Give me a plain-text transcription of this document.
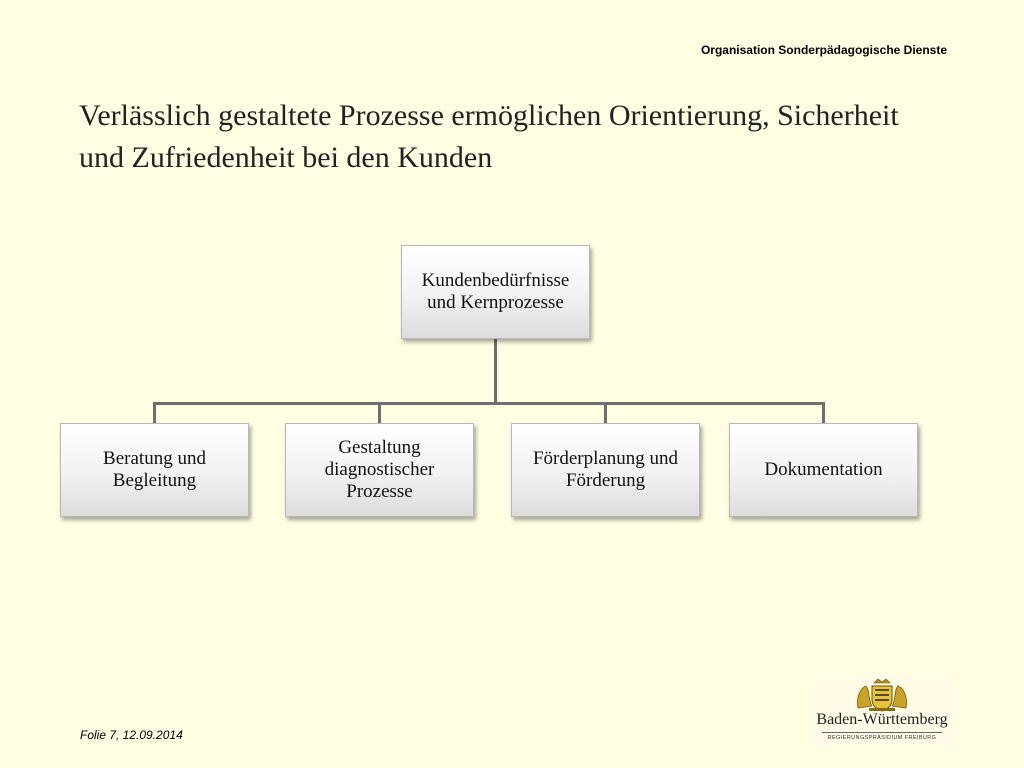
Organisation Sonderpädagogische Dienste
Verlässlich gestaltete Prozesse ermöglichen Orientierung, Sicherheit und Zufriedenheit bei den Kunden
Kundenbedürfnisse und Kernprozesse
Beratung und Begleitung
Gestaltung diagnostischer Prozesse
Förderplanung und Förderung
Dokumentation
Folie 7, 12.09.2014
Baden-Württemberg
REGIERUNGSPRÄSIDIUM FREIBURG
